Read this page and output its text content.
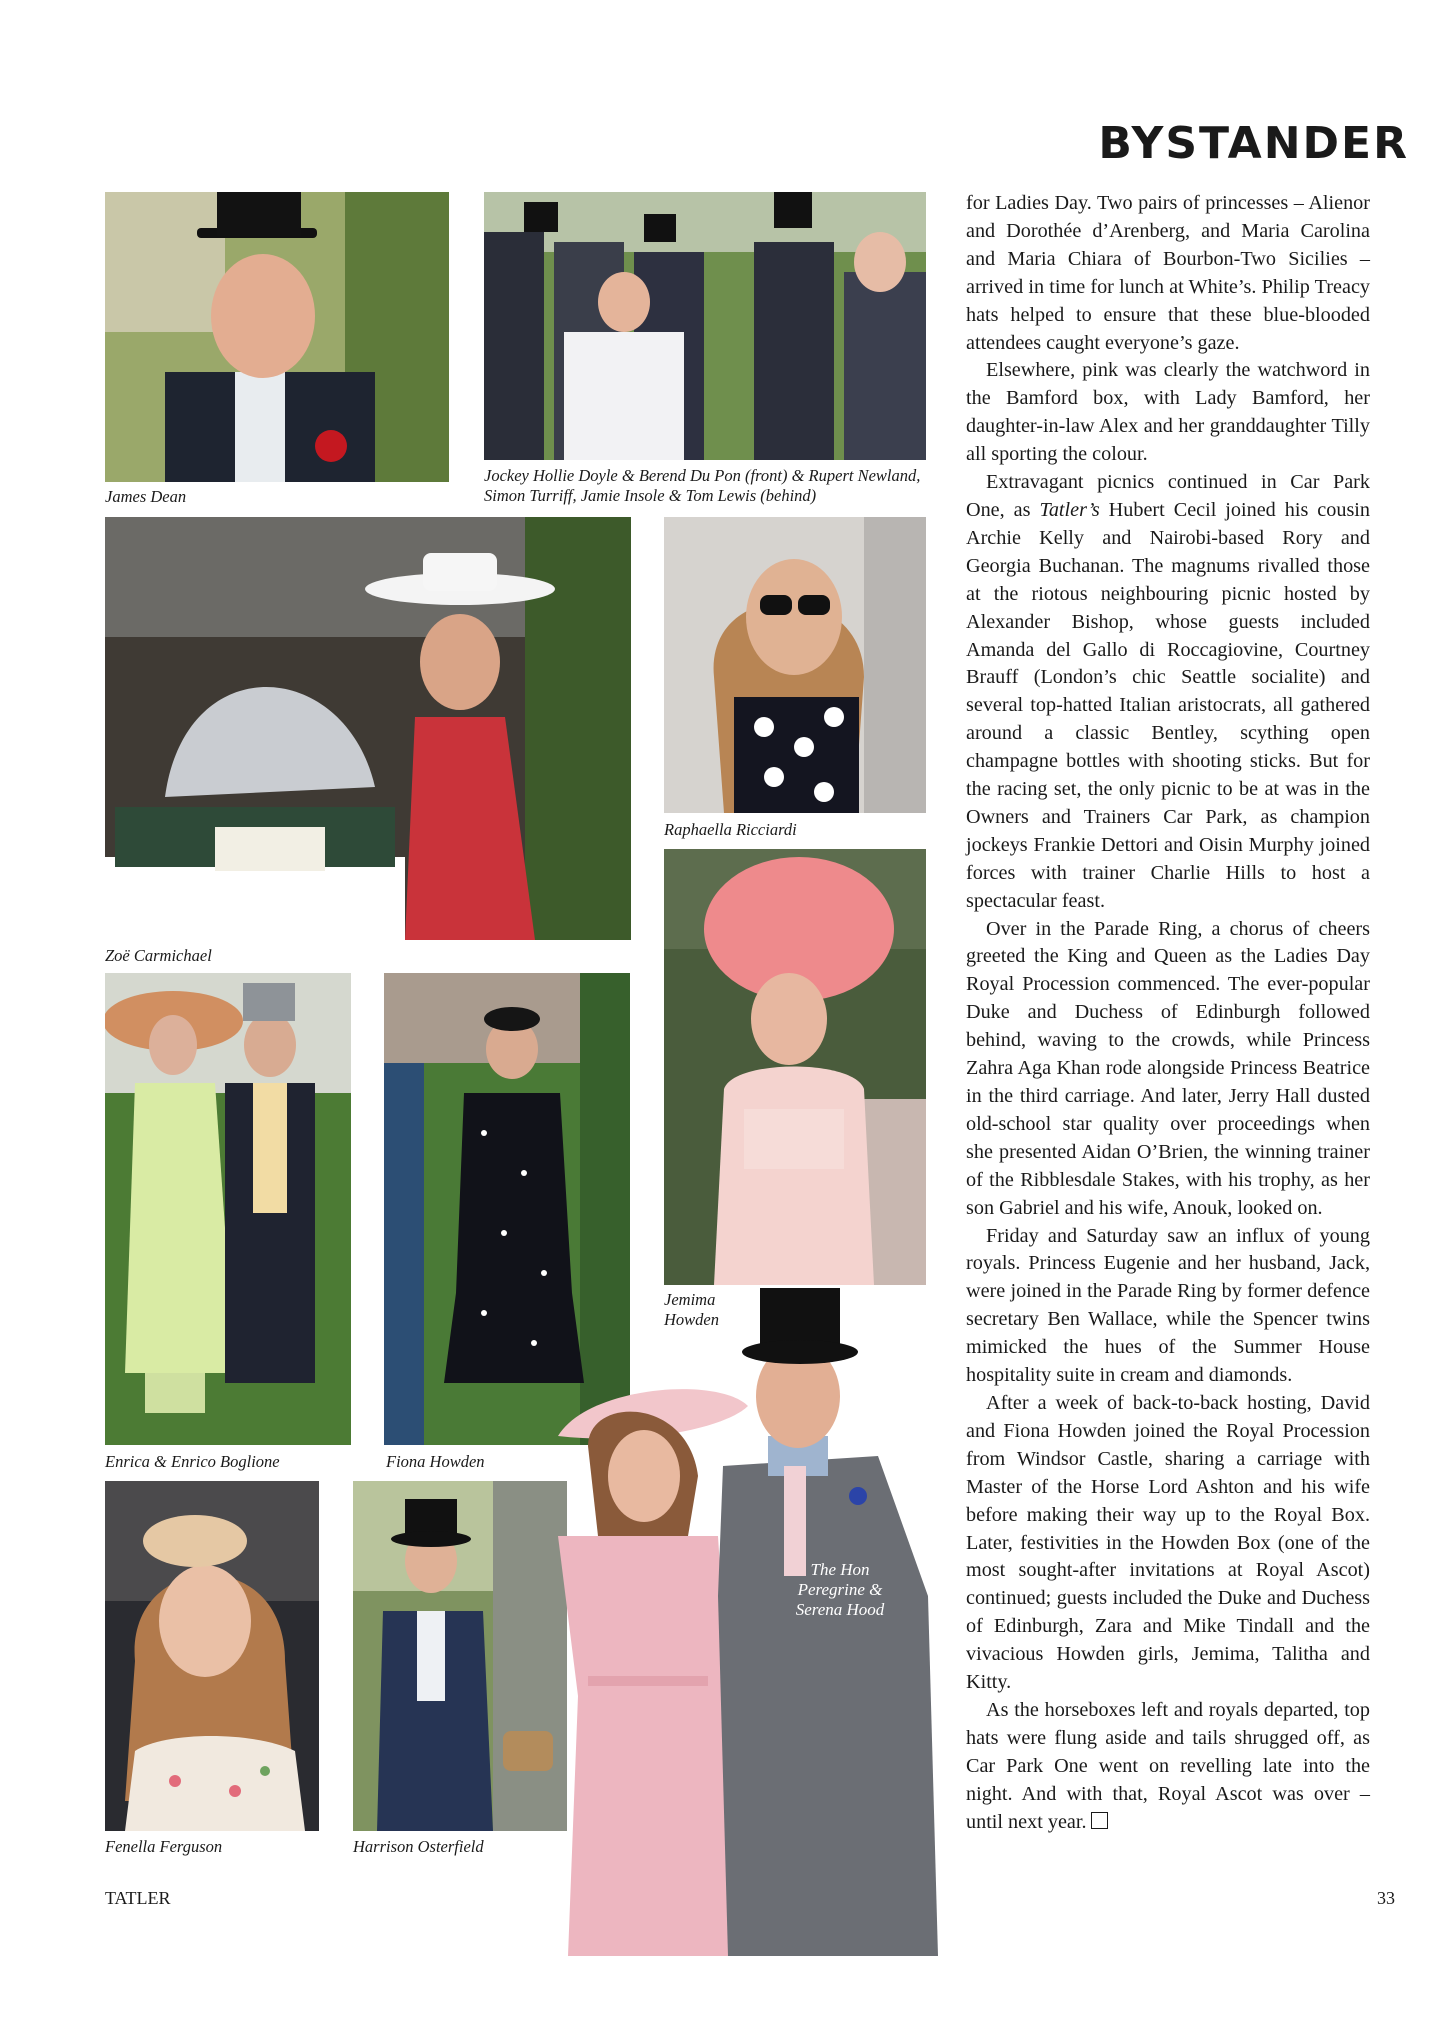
BYSTANDER
James Dean
Jockey Hollie Doyle & Berend Du Pon (front) & Rupert Newland, Simon Turriff, Jamie Insole & Tom Lewis (behind)
Zoë Carmichael
Raphaella Ricciardi
Jemima Howden
Enrica & Enrico Boglione	Fiona Howden
Fenella Ferguson	Harrison Osterfield
The Hon Peregrine & Serena Hood

for Ladies Day. Two pairs of princesses – Alienor and Dorothée d’Arenberg, and Maria Carolina and Maria Chiara of Bourbon-Two Sicilies – arrived in time for lunch at White’s. Philip Treacy hats helped to ensure that these blue-blooded attendees caught everyone’s gaze.

Elsewhere, pink was clearly the watchword in the Bamford box, with Lady Bamford, her daughter-in-law Alex and her granddaughter Tilly all sporting the colour.

Extravagant picnics continued in Car Park One, as Tatler’s Hubert Cecil joined his cousin Archie Kelly and Nairobi-based Rory and Georgia Buchanan. The magnums rivalled those at the riotous neighbouring picnic hosted by Alexander Bishop, whose guests included Amanda del Gallo di Roccagiovine, Courtney Brauff (London’s chic Seattle socialite) and several top-hatted Italian aristocrats, all gathered around a classic Bentley, scything open champagne bottles with shooting sticks. But for the racing set, the only picnic to be at was in the Owners and Trainers Car Park, as champion jockeys Frankie Dettori and Oisin Murphy joined forces with trainer Charlie Hills to host a spectacular feast.

Over in the Parade Ring, a chorus of cheers greeted the King and Queen as the Ladies Day Royal Procession commenced. The ever-popular Duke and Duchess of Edinburgh followed behind, waving to the crowds, while Princess Zahra Aga Khan rode alongside Princess Beatrice in the third carriage. And later, Jerry Hall dusted old-school star quality over proceedings when she presented Aidan O’Brien, the winning trainer of the Ribblesdale Stakes, with his trophy, as her son Gabriel and his wife, Anouk, looked on.

Friday and Saturday saw an influx of young royals. Princess Eugenie and her husband, Jack, were joined in the Parade Ring by former defence secretary Ben Wallace, while the Spencer twins mimicked the hues of the Summer House hospitality suite in cream and diamonds.

After a week of back-to-back hosting, David and Fiona Howden joined the Royal Procession from Windsor Castle, sharing a carriage with Master of the Horse Lord Ashton and his wife before making their way up to the Royal Box. Later, festivities in the Howden Box (one of the most sought-after invitations at Royal Ascot) continued; guests included the Duke and Duchess of Edinburgh, Zara and Mike Tindall and the vivacious Howden girls, Jemima, Talitha and Kitty.

As the horseboxes left and royals departed, top hats were flung aside and tails shrugged off, as Car Park One went on revelling late into the night. And with that, Royal Ascot was over – until next year.

TATLER	33
